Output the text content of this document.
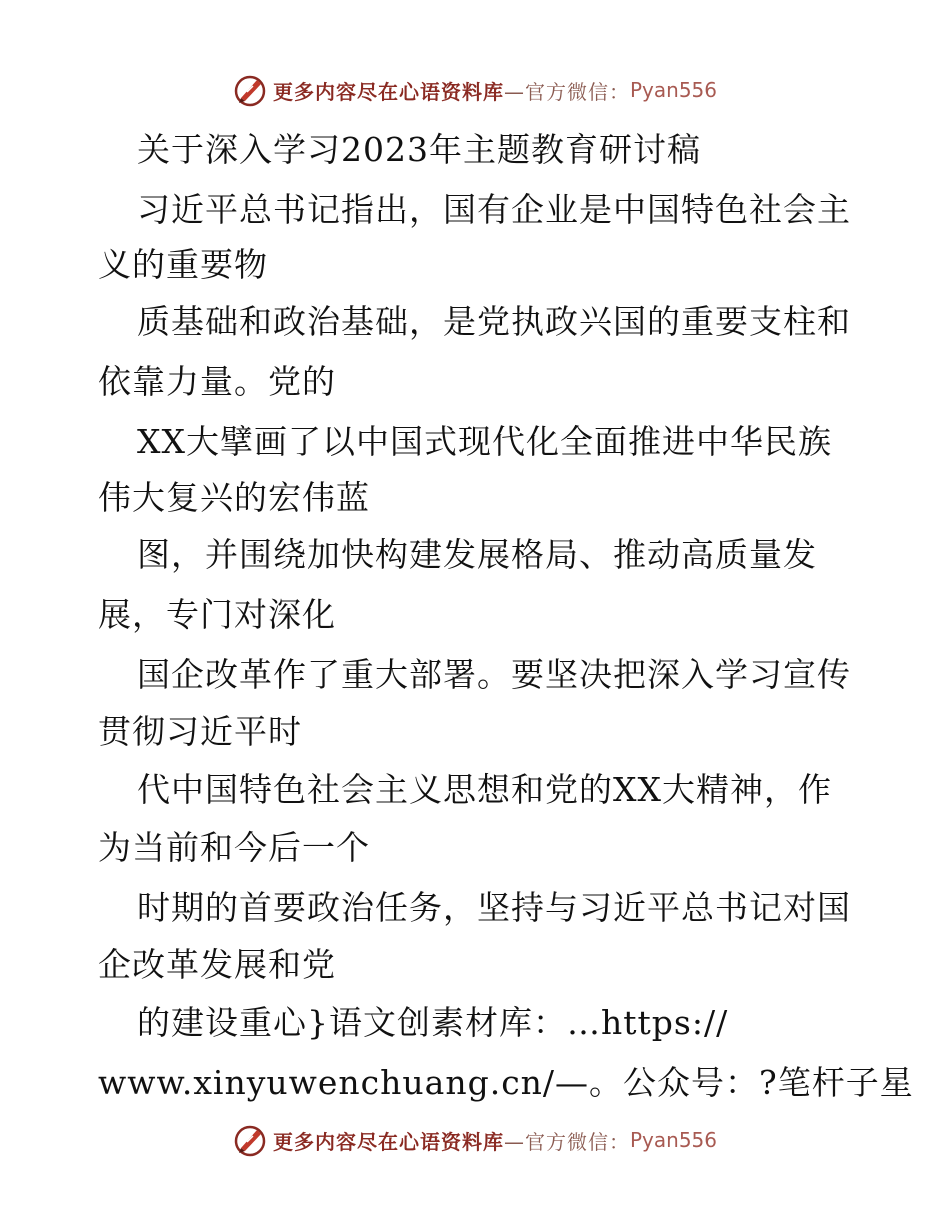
更多内容尽在心语资料库 —官方微信： Pyan556
关于深入学习2023年主题教育研讨稿
习近平总书记指出，国有企业是中国特色社会主
义的重要物
质基础和政治基础，是党执政兴国的重要支柱和
依靠力量。党的
XX大擘画了以中国式现代化全面推进中华民族
伟大复兴的宏伟蓝
图，并围绕加快构建发展格局、推动高质量发
展，专门对深化
国企改革作了重大部署。要坚决把深入学习宣传
贯彻习近平时
代中国特色社会主义思想和党的XX大精神，作
为当前和今后一个
时期的首要政治任务，坚持与习近平总书记对国
企改革发展和党
的建设重心}语文创素材库：…https://
www.xinyuwenchuang.cn/—。公众号：?笔杆子星
更多内容尽在心语资料库 —官方微信： Pyan556
